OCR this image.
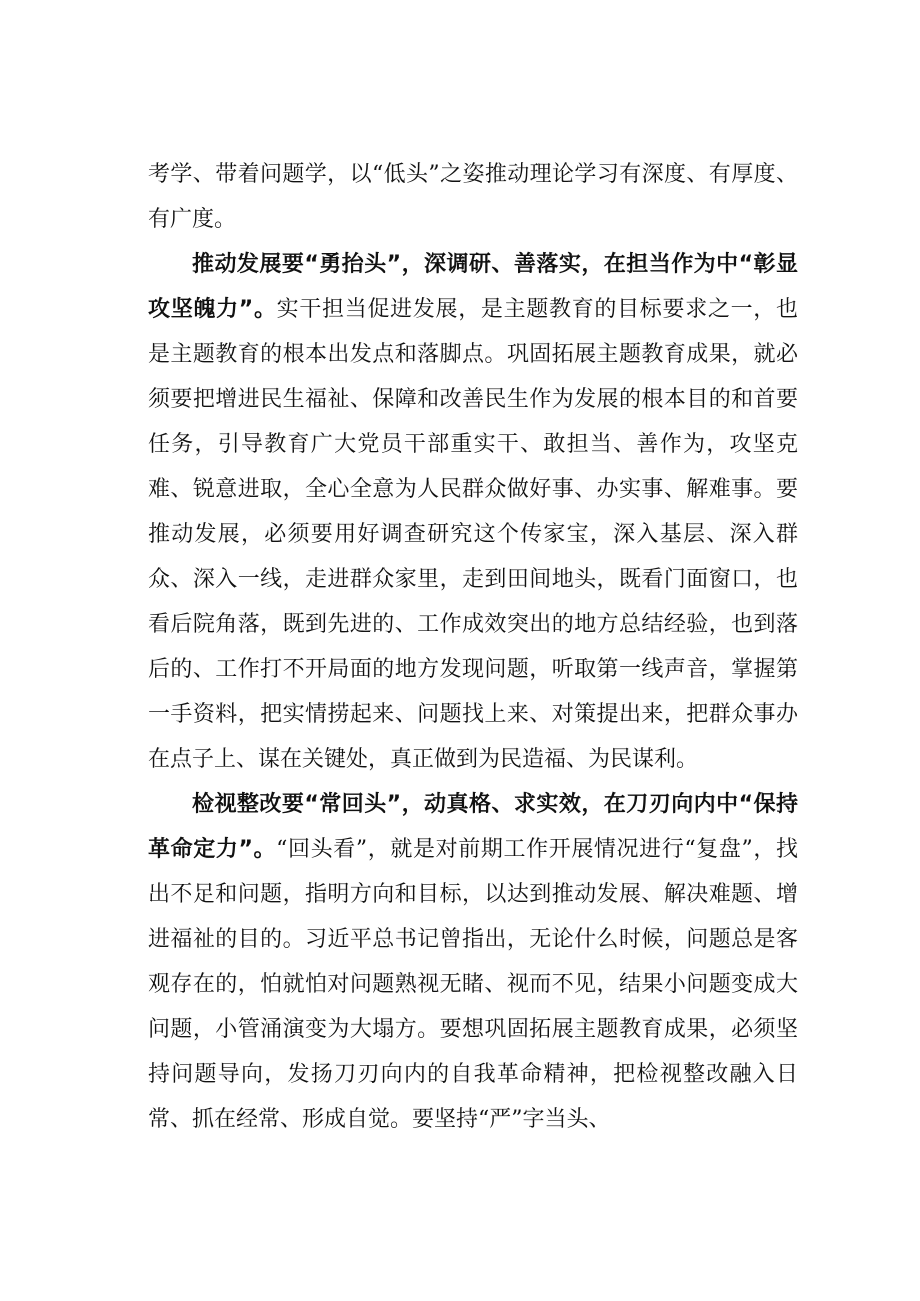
考学、带着问题学，以“低头”之姿推动理论学习有深度、有厚度、有广度。

推动发展要“勇抬头”，深调研、善落实，在担当作为中“彰显攻坚魄力”。实干担当促进发展，是主题教育的目标要求之一，也是主题教育的根本出发点和落脚点。巩固拓展主题教育成果，就必须要把增进民生福祉、保障和改善民生作为发展的根本目的和首要任务，引导教育广大党员干部重实干、敢担当、善作为，攻坚克难、锐意进取，全心全意为人民群众做好事、办实事、解难事。要推动发展，必须要用好调查研究这个传家宝，深入基层、深入群众、深入一线，走进群众家里，走到田间地头，既看门面窗口，也看后院角落，既到先进的、工作成效突出的地方总结经验，也到落后的、工作打不开局面的地方发现问题，听取第一线声音，掌握第一手资料，把实情捞起来、问题找上来、对策提出来，把群众事办在点子上、谋在关键处，真正做到为民造福、为民谋利。

检视整改要“常回头”，动真格、求实效，在刀刃向内中“保持革命定力”。“回头看”，就是对前期工作开展情况进行“复盘”，找出不足和问题，指明方向和目标，以达到推动发展、解决难题、增进福祉的目的。习近平总书记曾指出，无论什么时候，问题总是客观存在的，怕就怕对问题熟视无睹、视而不见，结果小问题变成大问题，小管涌演变为大塌方。要想巩固拓展主题教育成果，必须坚持问题导向，发扬刀刃向内的自我革命精神，把检视整改融入日常、抓在经常、形成自觉。要坚持“严”字当头、
